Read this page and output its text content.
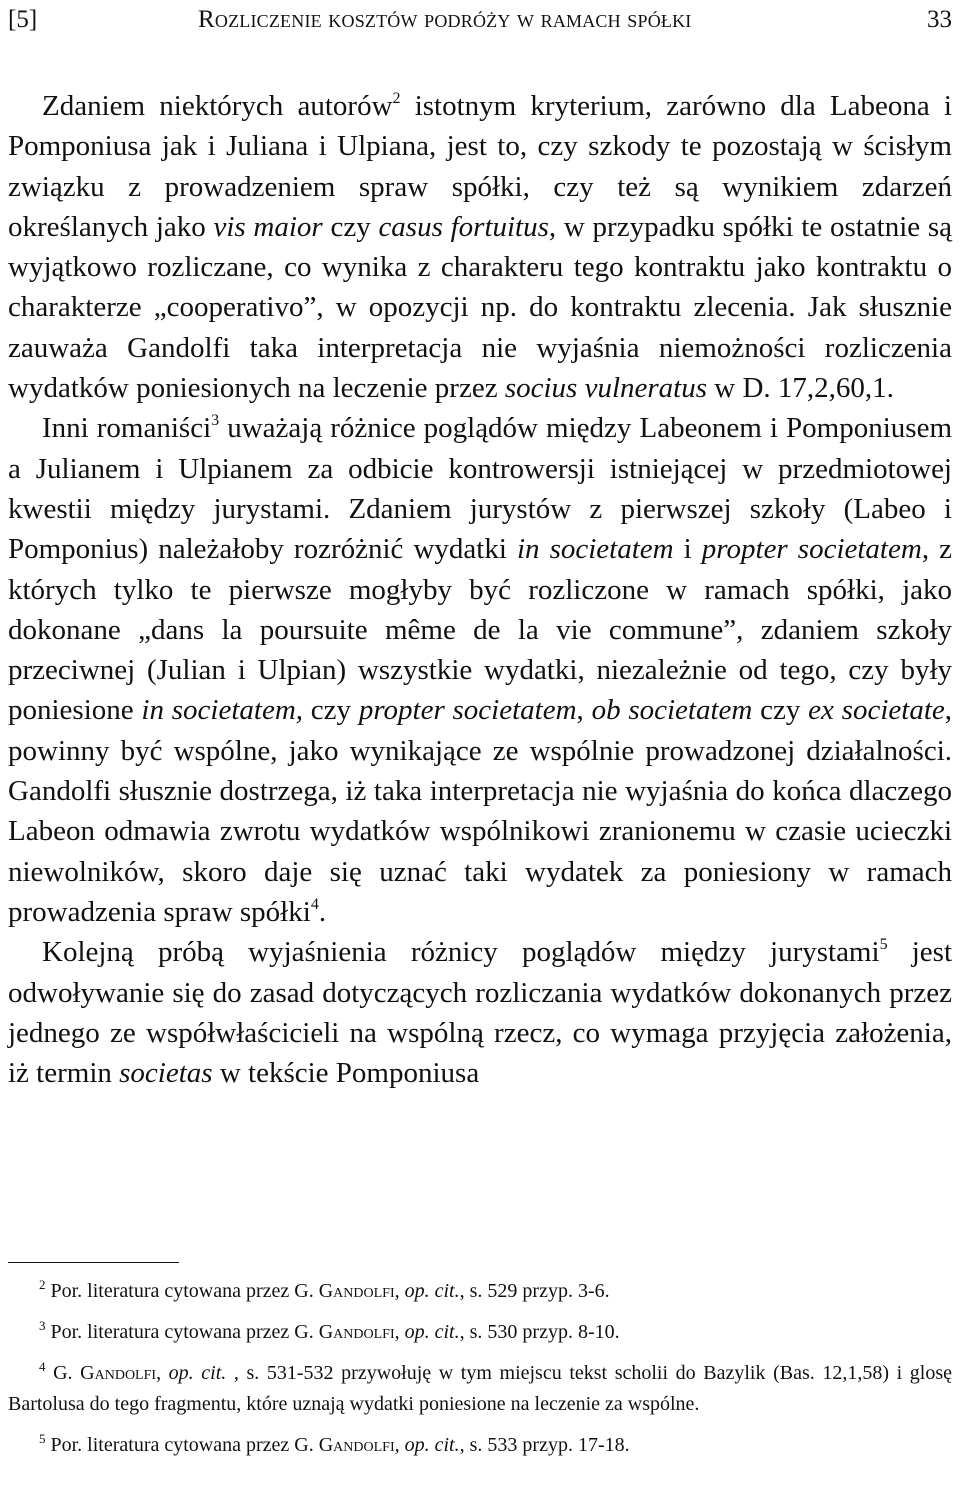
[5]	Rozliczenie kosztów podróży w ramach spółki	33

Zdaniem niektórych autorów$^2$ istotnym kryterium, zarówno dla Labeona i Pomponiusa jak i Juliana i Ulpiana, jest to, czy szkody te pozostają w ścisłym związku z prowadzeniem spraw spółki, czy też są wynikiem zdarzeń określanych jako vis maior czy casus fortuitus, w przypadku spółki te ostatnie są wyjątkowo rozliczane, co wynika z charakteru tego kontraktu jako kontraktu o charakterze „cooperativo”, w opozycji np. do kontraktu zlecenia. Jak słusznie zauważa Gandolfi taka interpretacja nie wyjaśnia niemożności rozliczenia wydatków poniesionych na leczenie przez socius vulneratus w D. 17,2,60,1.

Inni romaniści$^3$ uważają różnice poglądów między Labeonem i Pomponiusem a Julianem i Ulpianem za odbicie kontrowersji istniejącej w przedmiotowej kwestii między jurystami. Zdaniem jurystów z pierwszej szkoły (Labeo i Pomponius) należałoby rozróżnić wydatki in societatem i propter societatem, z których tylko te pierwsze mogłyby być rozliczone w ramach spółki, jako dokonane „dans la poursuite même de la vie commune”, zdaniem szkoły przeciwnej (Julian i Ulpian) wszystkie wydatki, niezależnie od tego, czy były poniesione in societatem, czy propter societatem, ob societatem czy ex societate, powinny być wspólne, jako wynikające ze wspólnie prowadzonej działalności. Gandolfi słusznie dostrzega, iż taka interpretacja nie wyjaśnia do końca dlaczego Labeon odmawia zwrotu wydatków wspólnikowi zranionemu w czasie ucieczki niewolników, skoro daje się uznać taki wydatek za poniesiony w ramach prowadzenia spraw spółki$^4$.

Kolejną próbą wyjaśnienia różnicy poglądów między jurystami$^5$ jest odwoływanie się do zasad dotyczących rozliczania wydatków dokonanych przez jednego ze współwłaścicieli na wspólną rzecz, co wymaga przyjęcia założenia, iż termin societas w tekście Pomponiusa

$^2$ Por. literatura cytowana przez G. Gandolfi, op. cit., s. 529 przyp. 3-6.

$^3$ Por. literatura cytowana przez G. Gandolfi, op. cit., s. 530 przyp. 8-10.

$^4$ G. Gandolfi, op. cit. , s. 531-532 przywołuję w tym miejscu tekst scholii do Bazylik (Bas. 12,1,58) i glosę Bartolusa do tego fragmentu, które uznają wydatki poniesione na leczenie za wspólne.

$^5$ Por. literatura cytowana przez G. Gandolfi, op. cit., s. 533 przyp. 17-18.
